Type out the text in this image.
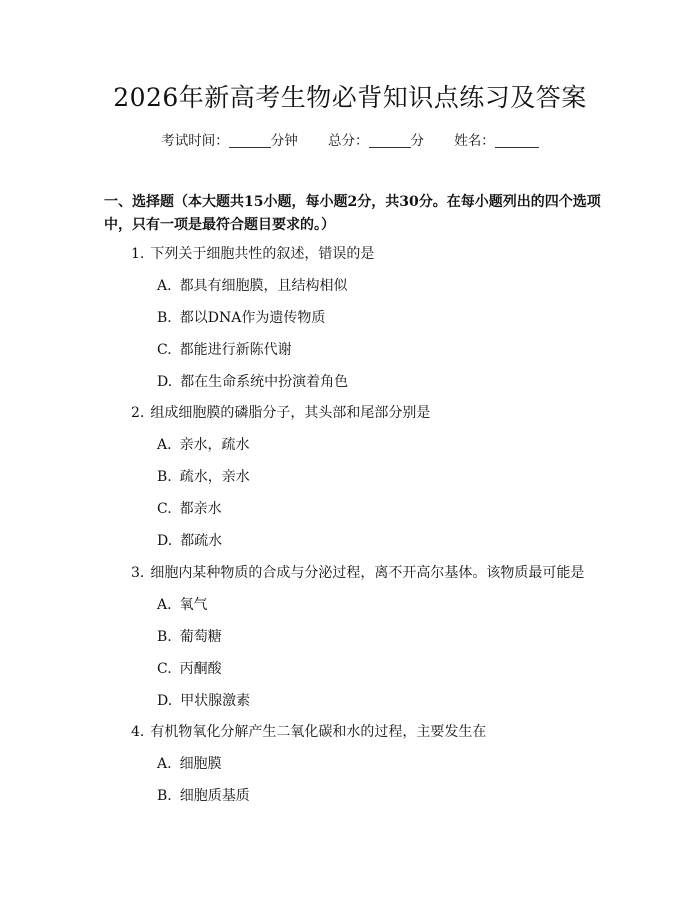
2026年新高考生物必背知识点练习及答案
考试时间：	分钟 总分：	分 姓名：
一、选择题（本大题共15小题，每小题2分，共30分。在每小题列出的四个选项中，只有一项是最符合题目要求的。）
1. 下列关于细胞共性的叙述，错误的是
A. 都具有细胞膜，且结构相似
B. 都以DNA作为遗传物质
C. 都能进行新陈代谢
D. 都在生命系统中扮演着角色
2. 组成细胞膜的磷脂分子，其头部和尾部分别是
A. 亲水，疏水
B. 疏水，亲水
C. 都亲水
D. 都疏水
3. 细胞内某种物质的合成与分泌过程，离不开高尔基体。该物质最可能是
A. 氧气
B. 葡萄糖
C. 丙酮酸
D. 甲状腺激素
4. 有机物氧化分解产生二氧化碳和水的过程，主要发生在
A. 细胞膜
B. 细胞质基质
